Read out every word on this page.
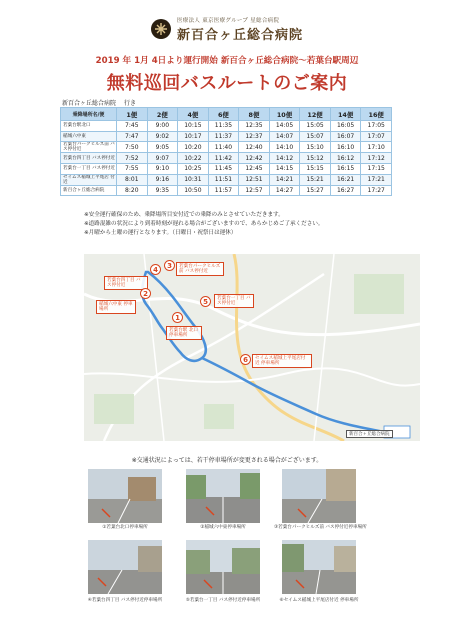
医療法人 東京医療グループ 星総合病院
新百合ヶ丘総合病院
2019 年 1月 4日より運行開始 新百合ヶ丘総合病院～若葉台駅周辺
無料巡回バスルートのご案内
新百合ヶ丘総合病院 行き
乗降場所名/便	1便	2便	4便	6便	8便	10便	12便	14便	16便
若葉台駅北口	7:45	9:00	10:15	11:35	12:35	14:05	15:05	16:05	17:05
稲城六中東	7:47	9:02	10:17	11:37	12:37	14:07	15:07	16:07	17:07
若葉台パークヒルズ前 バス停付近	7:50	9:05	10:20	11:40	12:40	14:10	15:10	16:10	17:10
若葉台四丁目 バス停付近	7:52	9:07	10:22	11:42	12:42	14:12	15:12	16:12	17:12
若葉台一丁目 バス停付近	7:55	9:10	10:25	11:45	12:45	14:15	15:15	16:15	17:15
セイムス稲城上平尾店 付近	8:01	9:16	10:31	11:51	12:51	14:21	15:21	16:21	17:21
新百合ヶ丘総合病院	8:20	9:35	10:50	11:57	12:57	14:27	15:27	16:27	17:27
※安全運行確保のため、乗降場所目安付近での乗降のみとさせていただきます。
※道路混雑の状況により到着時刻が遅れる場合がございますので、あらかじめご了承ください。
※月曜から土曜の運行となります。（日曜日・祝祭日は運休）
4
若葉台四丁目 バス停付近
3	若葉台パークヒルズ前 バス停付近
2
稲城六中東 停車場所
1
若葉台駅 北口停車場所
5	若葉台一丁目 バス停付近
6	セイムス稲城上平尾店付近 停車場所
新百合ヶ丘総合病院
※交通状況によっては、若干停車場所が変更される場合がございます。
①若葉台北口停車場所	②稲城六中東停車場所	③若葉台パークヒルズ前 バス停付近停車場所
④若葉台四丁目 バス停付近停車場所	⑤若葉台一丁目 バス停付近停車場所	⑥セイムス稲城上平尾店付近 停車場所
